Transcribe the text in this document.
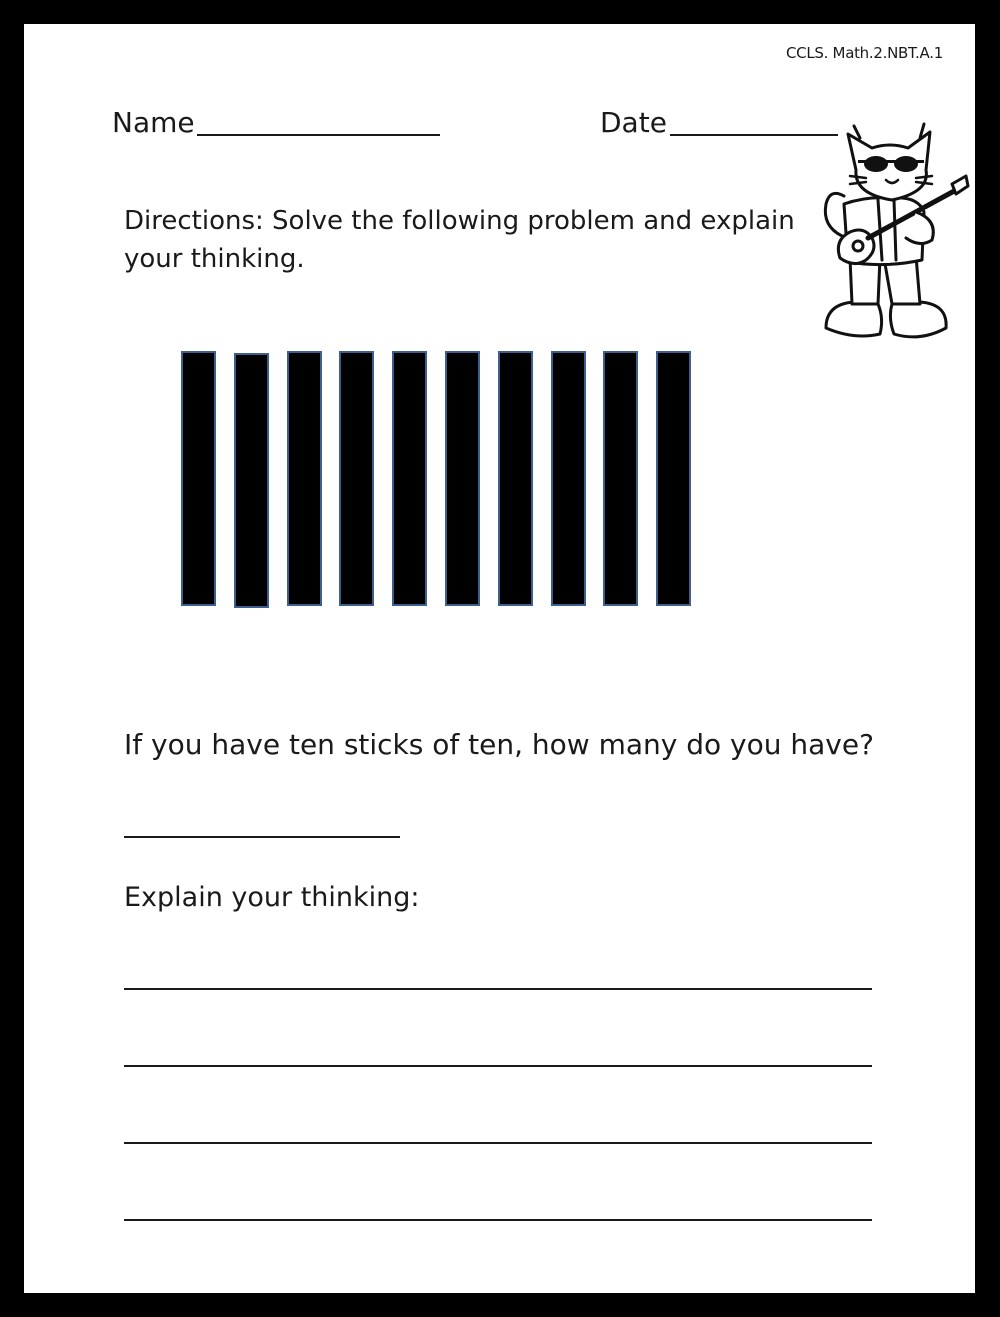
CCLS. Math.2.NBT.A.1
Name	Date
Directions: Solve the following problem and explain your thinking.
If you have ten sticks of ten, how many do you have?
Explain your thinking:
